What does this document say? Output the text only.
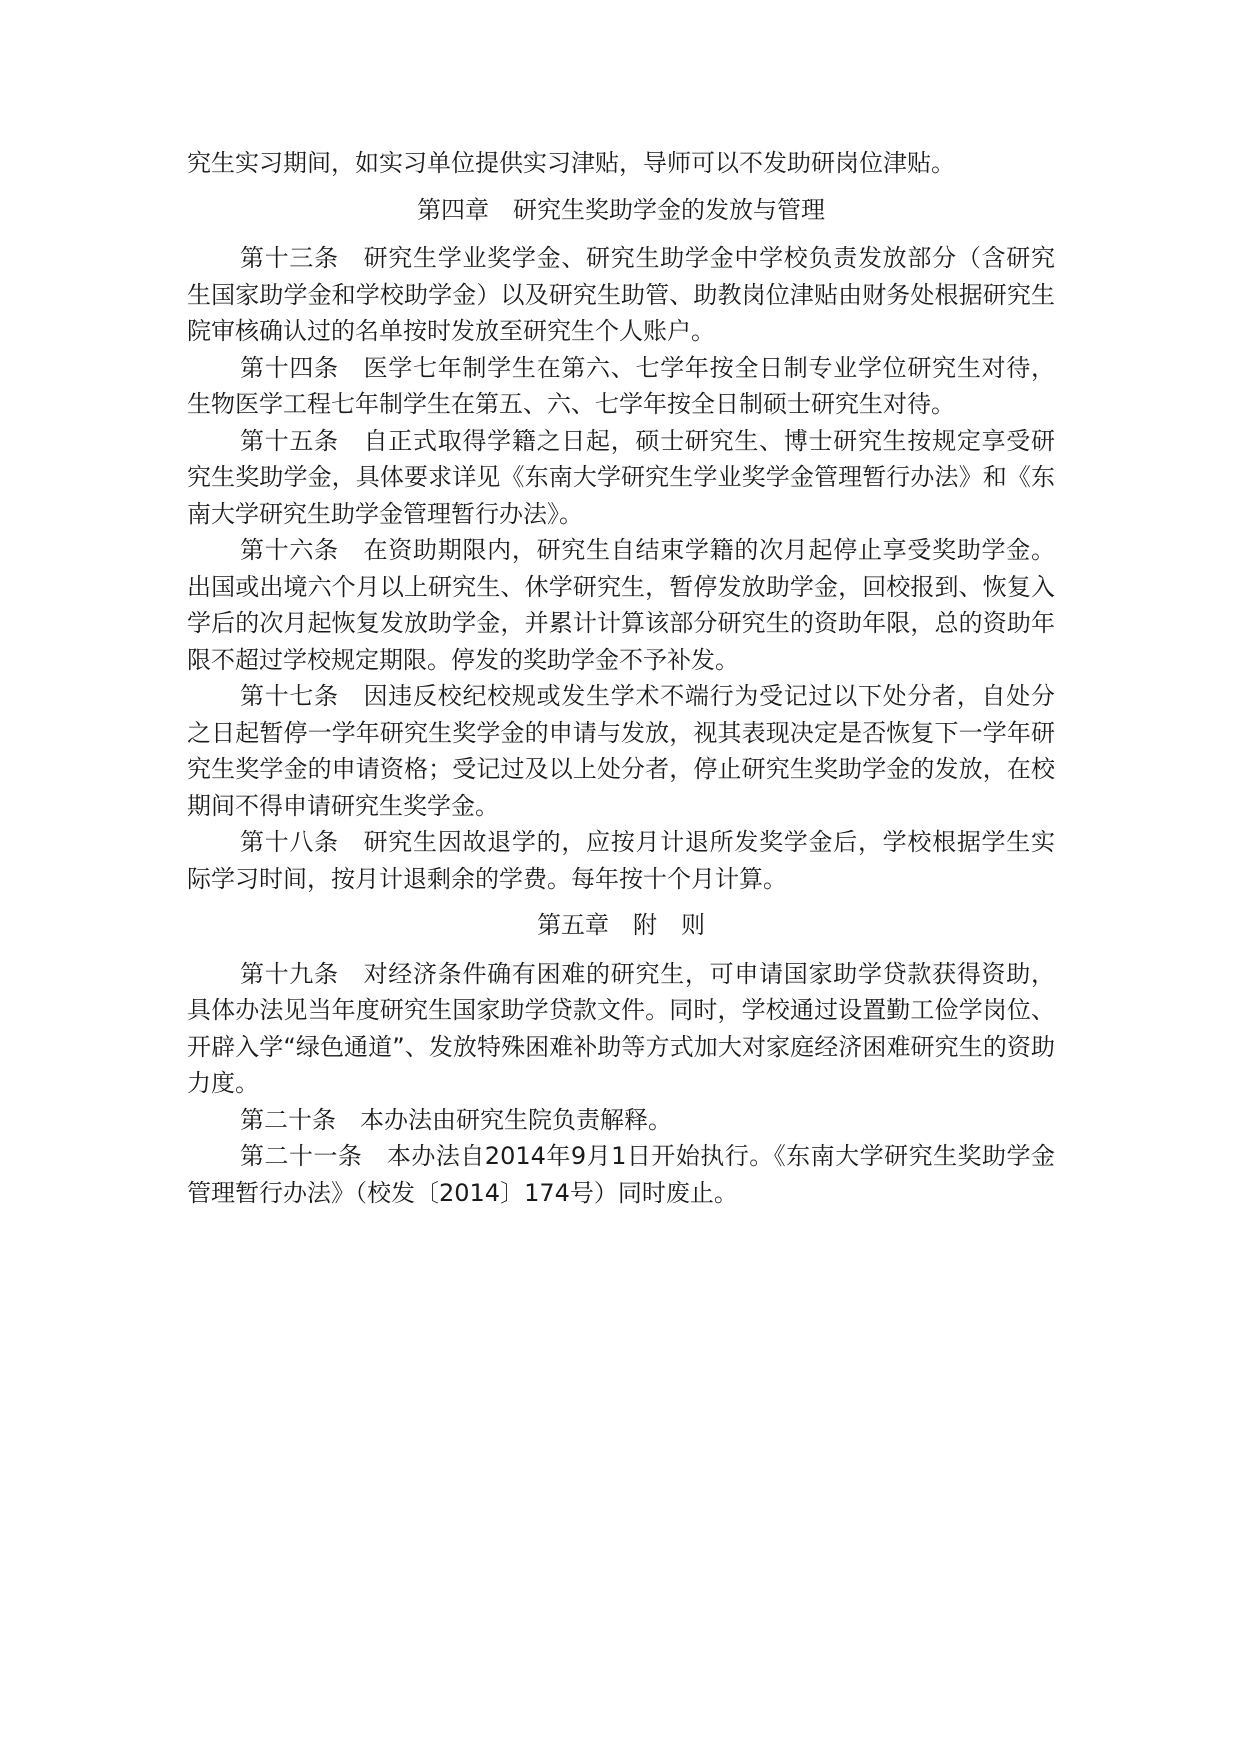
究生实习期间，如实习单位提供实习津贴，导师可以不发助研岗位津贴。

第四章　研究生奖助学金的发放与管理

第十三条　研究生学业奖学金、研究生助学金中学校负责发放部分（含研究生国家助学金和学校助学金）以及研究生助管、助教岗位津贴由财务处根据研究生院审核确认过的名单按时发放至研究生个人账户。

第十四条　医学七年制学生在第六、七学年按全日制专业学位研究生对待，生物医学工程七年制学生在第五、六、七学年按全日制硕士研究生对待。

第十五条　自正式取得学籍之日起，硕士研究生、博士研究生按规定享受研究生奖助学金，具体要求详见《东南大学研究生学业奖学金管理暂行办法》和《东南大学研究生助学金管理暂行办法》。

第十六条　在资助期限内，研究生自结束学籍的次月起停止享受奖助学金。出国或出境六个月以上研究生、休学研究生，暂停发放助学金，回校报到、恢复入学后的次月起恢复发放助学金，并累计计算该部分研究生的资助年限，总的资助年限不超过学校规定期限。停发的奖助学金不予补发。

第十七条　因违反校纪校规或发生学术不端行为受记过以下处分者，自处分之日起暂停一学年研究生奖学金的申请与发放，视其表现决定是否恢复下一学年研究生奖学金的申请资格；受记过及以上处分者，停止研究生奖助学金的发放，在校期间不得申请研究生奖学金。

第十八条　研究生因故退学的，应按月计退所发奖学金后，学校根据学生实际学习时间，按月计退剩余的学费。每年按十个月计算。

第五章　附　则

第十九条　对经济条件确有困难的研究生，可申请国家助学贷款获得资助，具体办法见当年度研究生国家助学贷款文件。同时，学校通过设置勤工俭学岗位、开辟入学“绿色通道”、发放特殊困难补助等方式加大对家庭经济困难研究生的资助力度。

第二十条　本办法由研究生院负责解释。

第二十一条　本办法自2014年9月1日开始执行。《东南大学研究生奖助学金管理暂行办法》（校发〔2014〕174号）同时废止。
